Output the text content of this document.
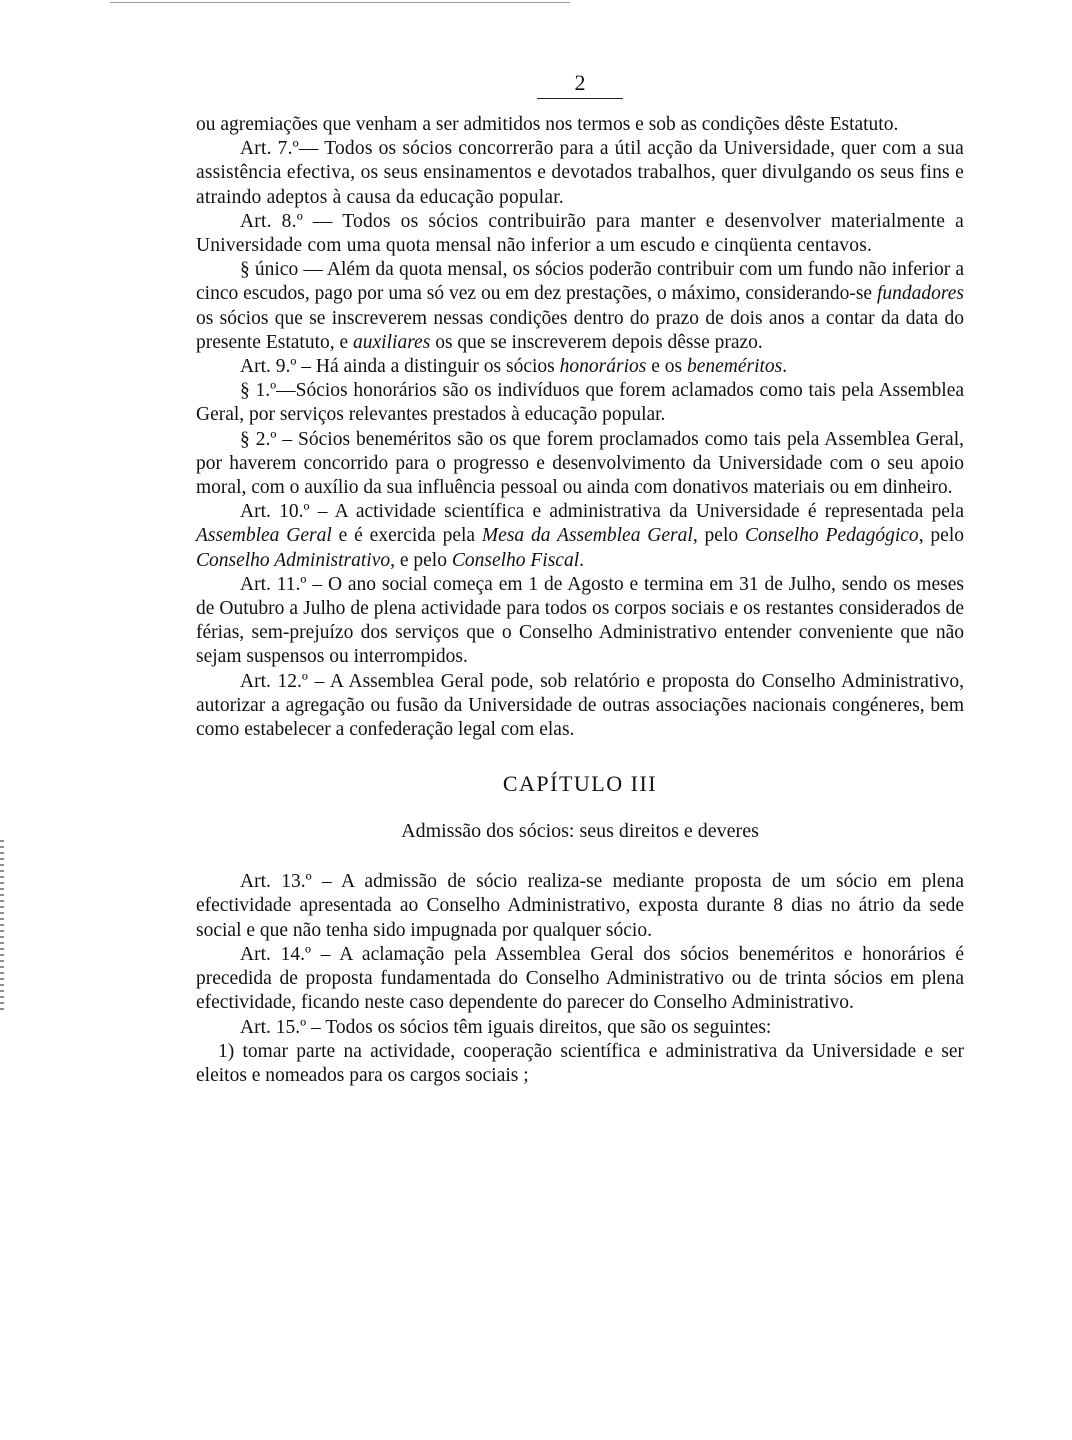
2

ou agremiações que venham a ser admitidos nos termos e sob as condições dêste Estatuto.

Art. 7.º— Todos os sócios concorrerão para a útil acção da Universidade, quer com a sua assistência efectiva, os seus ensinamentos e devotados trabalhos, quer divulgando os seus fins e atraindo adeptos à causa da educação popular.

Art. 8.º — Todos os sócios contribuirão para manter e desenvolver materialmente a Universidade com uma quota mensal não inferior a um escudo e cinqüenta centavos.

§ único — Além da quota mensal, os sócios poderão contribuir com um fundo não inferior a cinco escudos, pago por uma só vez ou em dez prestações, o máximo, considerando-se fundadores os sócios que se inscreverem nessas condições dentro do prazo de dois anos a contar da data do presente Estatuto, e auxiliares os que se inscreverem depois dêsse prazo.

Art. 9.º – Há ainda a distinguir os sócios honorários e os beneméritos.

§ 1.º—Sócios honorários são os indivíduos que forem aclamados como tais pela Assemblea Geral, por serviços relevantes prestados à educação popular.

§ 2.º – Sócios beneméritos são os que forem proclamados como tais pela Assemblea Geral, por haverem concorrido para o progresso e desenvolvimento da Universidade com o seu apoio moral, com o auxílio da sua influência pessoal ou ainda com donativos materiais ou em dinheiro.

Art. 10.º – A actividade scientífica e administrativa da Universidade é representada pela Assemblea Geral e é exercida pela Mesa da Assemblea Geral, pelo Conselho Pedagógico, pelo Conselho Administrativo, e pelo Conselho Fiscal.

Art. 11.º – O ano social começa em 1 de Agosto e termina em 31 de Julho, sendo os meses de Outubro a Julho de plena actividade para todos os corpos sociais e os restantes considerados de férias, sem-prejuízo dos serviços que o Conselho Administrativo entender conveniente que não sejam suspensos ou interrompidos.

Art. 12.º – A Assemblea Geral pode, sob relatório e proposta do Conselho Administrativo, autorizar a agregação ou fusão da Universidade de outras associações nacionais congéneres, bem como estabelecer a confederação legal com elas.

CAPÍTULO III
Admissão dos sócios: seus direitos e deveres

Art. 13.º – A admissão de sócio realiza-se mediante proposta de um sócio em plena efectividade apresentada ao Conselho Administrativo, exposta durante 8 dias no átrio da sede social e que não tenha sido impugnada por qualquer sócio.

Art. 14.º – A aclamação pela Assemblea Geral dos sócios beneméritos e honorários é precedida de proposta fundamentada do Conselho Administrativo ou de trinta sócios em plena efectividade, ficando neste caso dependente do parecer do Conselho Administrativo.

Art. 15.º – Todos os sócios têm iguais direitos, que são os seguintes:

1) tomar parte na actividade, cooperação scientífica e administrativa da Universidade e ser eleitos e nomeados para os cargos sociais ;
